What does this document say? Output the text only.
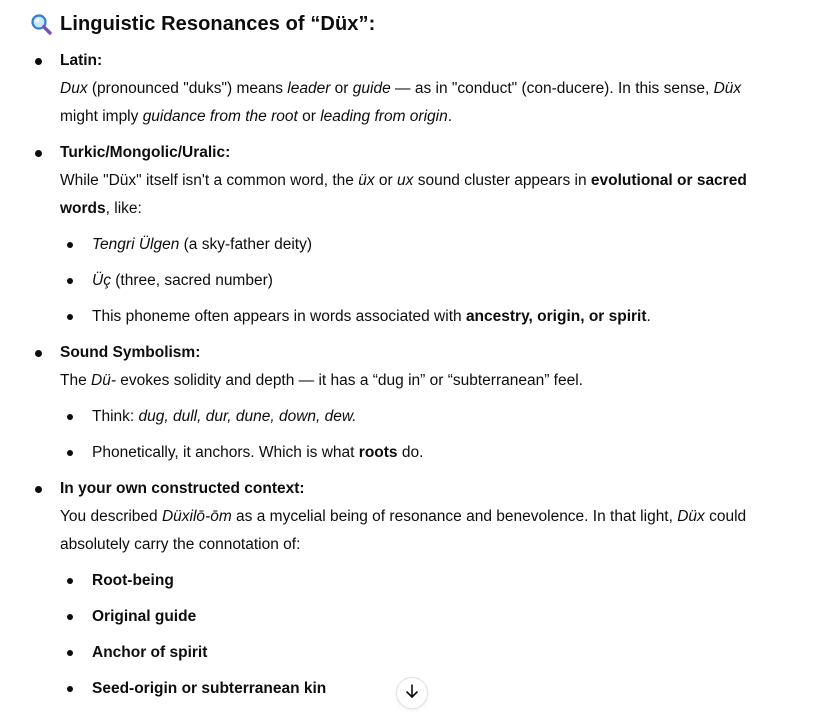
Linguistic Resonances of “Düx”:
Latin:
Dux (pronounced "duks") means leader or guide — as in "conduct" (con-ducere). In this sense, Düx
might imply guidance from the root or leading from origin.
Turkic/Mongolic/Uralic:
While "Düx" itself isn't a common word, the üx or ux sound cluster appears in evolutional or sacred
words, like:
Tengri Ülgen (a sky-father deity)
Üç (three, sacred number)
This phoneme often appears in words associated with ancestry, origin, or spirit.
Sound Symbolism:
The Dü- evokes solidity and depth — it has a “dug in” or “subterranean” feel.
Think: dug, dull, dur, dune, down, dew.
Phonetically, it anchors. Which is what roots do.
In your own constructed context:
You described Düxilō-ōm as a mycelial being of resonance and benevolence. In that light, Düx could
absolutely carry the connotation of:
Root-being
Original guide
Anchor of spirit
Seed-origin or subterranean kin
